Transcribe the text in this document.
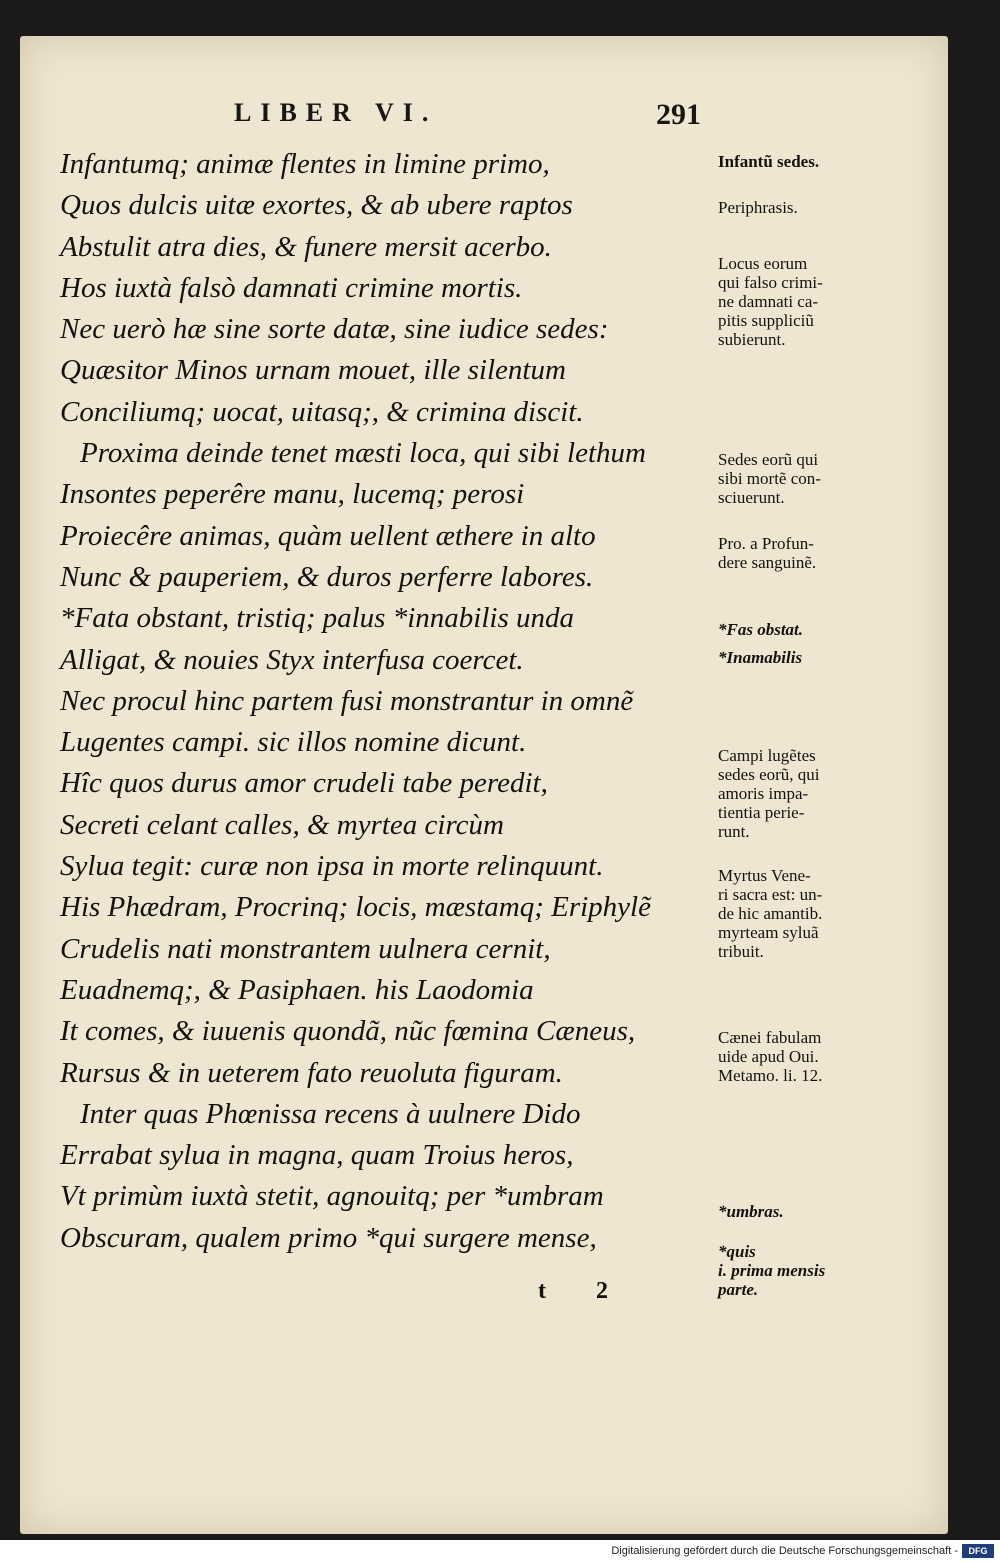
LIBER VI.	291
Infantumq; animæ flentes in limine primo,
Quos dulcis uitæ exortes, & ab ubere raptos
Abstulit atra dies, & funere mersit acerbo.
Hos iuxtà falsò damnati crimine mortis.
Nec uerò hæ sine sorte datæ, sine iudice sedes:
Quæsitor Minos urnam mouet, ille silentum
Conciliumq; uocat, uitasq;, & crimina discit.
Proxima deinde tenet mæsti loca, qui sibi lethum
Insontes peperêre manu, lucemq; perosi
Proiecêre animas, quàm uellent æthere in alto
Nunc & pauperiem, & duros perferre labores.
*Fata obstant, tristiq; palus *innabilis unda
Alligat, & nouies Styx interfusa coercet.
Nec procul hinc partem fusi monstrantur in omnẽ
Lugentes campi. sic illos nomine dicunt.
Hîc quos durus amor crudeli tabe peredit,
Secreti celant calles, & myrtea circùm
Sylua tegit: curæ non ipsa in morte relinquunt.
His Phædram, Procrinq; locis, mæstamq; Eriphylẽ
Crudelis nati monstrantem uulnera cernit,
Euadnemq;, & Pasiphaen. his Laodomia
It comes, & iuuenis quondã, nũc fœmina Cæneus,
Rursus & in ueterem fato reuoluta figuram.
Inter quas Phœnissa recens à uulnere Dido
Errabat sylua in magna, quam Troius heros,
Vt primùm iuxtà stetit, agnouitq; per *umbram
Obscuram, qualem primo *qui surgere mense,
Infantũ sedes.
Periphrasis.
Locus eorum
qui falso crimi-
ne damnati ca-
pitis suppliciũ
subierunt.
Sedes eorũ qui
sibi mortẽ con-
sciuerunt.
Pro. a Profun-
dere sanguinẽ.
*Fas obstat.
*Inamabilis
Campi lugẽtes
sedes eorũ, qui
amoris impa-
tientia perie-
runt.
Myrtus Vene-
ri sacra est: un-
de hic amantib.
myrteam syluã
tribuit.
Cænei fabulam
uide apud Oui.
Metamo. li. 12.
*umbras.
*quis
i. prima mensis
parte.
t 2
Digitalisierung gefördert durch die Deutsche Forschungsgemeinschaft -	DFG
